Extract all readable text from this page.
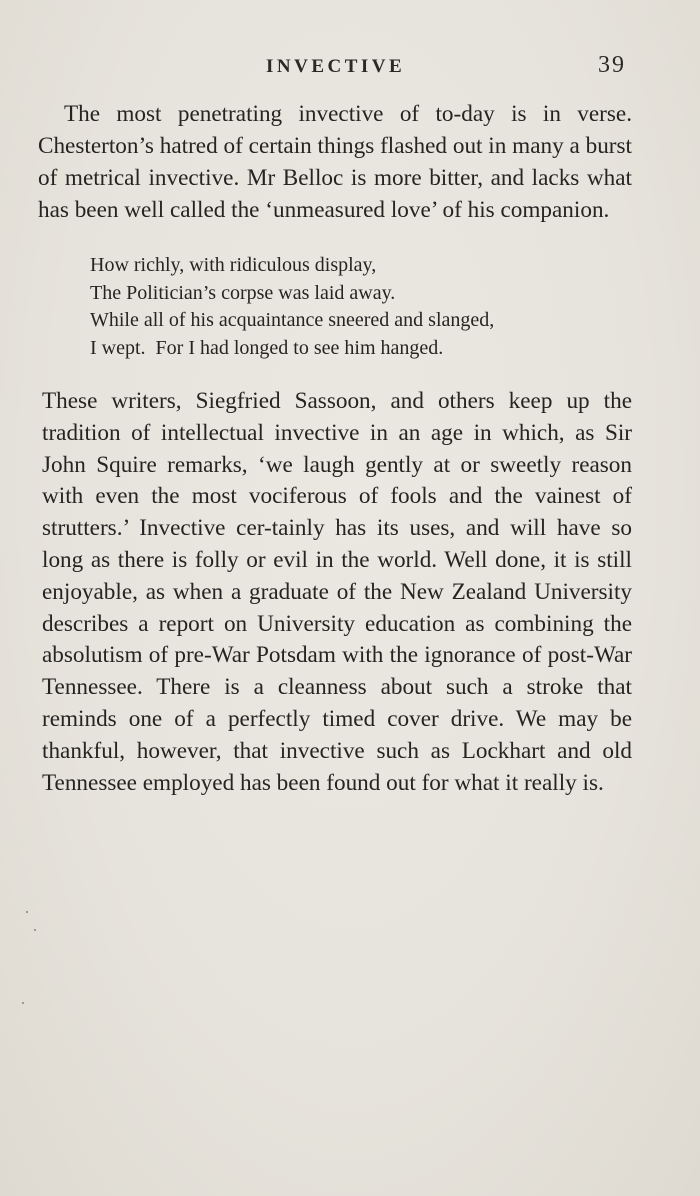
INVECTIVE	39

The most penetrating invective of to-day is in verse. Chesterton’s hatred of certain things flashed out in many a burst of metrical invective. Mr Belloc is more bitter, and lacks what has been well called the ‘unmeasured love’ of his companion.

How richly, with ridiculous display,
The Politician’s corpse was laid away.
While all of his acquaintance sneered and slanged,
I wept.  For I had longed to see him hanged.

These writers, Siegfried Sassoon, and others keep up the tradition of intellectual invective in an age in which, as Sir John Squire remarks, ‘we laugh gently at or sweetly reason with even the most vociferous of fools and the vainest of strutters.’ Invective cer-tainly has its uses, and will have so long as there is folly or evil in the world. Well done, it is still enjoyable, as when a graduate of the New Zealand University describes a report on University education as combining the absolutism of pre-War Potsdam with the ignorance of post-War Tennessee. There is a cleanness about such a stroke that reminds one of a perfectly timed cover drive. We may be thankful, however, that invective such as Lockhart and old Tennessee employed has been found out for what it really is.
